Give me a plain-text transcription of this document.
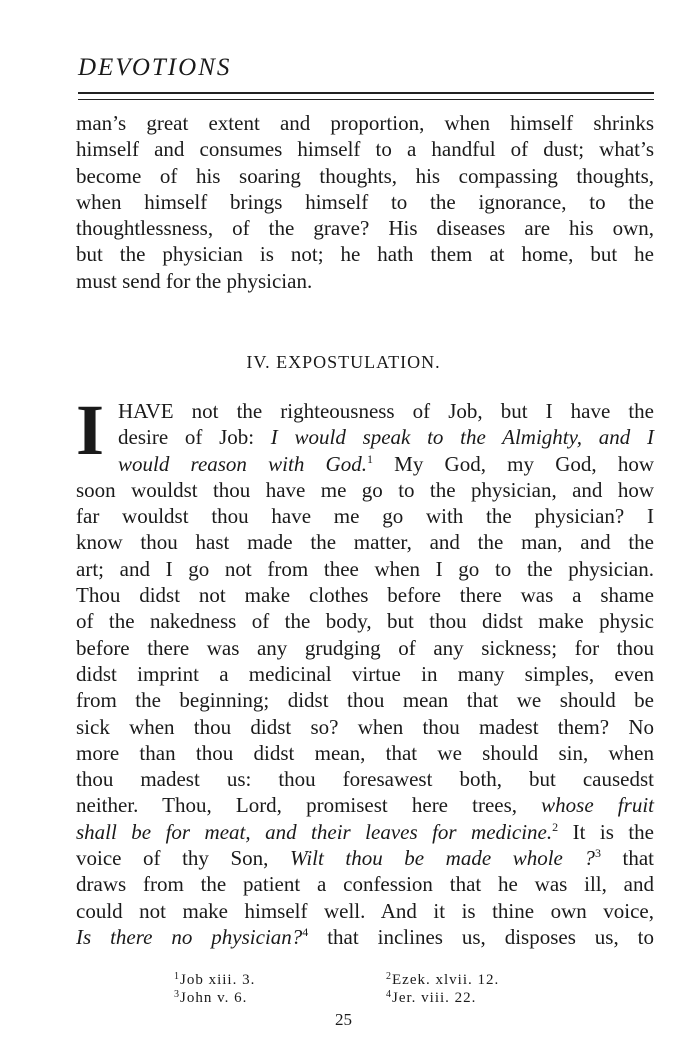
DEVOTIONS
man’s great extent and proportion, when himself shrinks
himself and consumes himself to a handful of dust; what’s
become of his soaring thoughts, his compassing thoughts,
when himself brings himself to the ignorance, to the
thoughtlessness, of the grave? His diseases are his own,
but the physician is not; he hath them at home, but he
must send for the physician.
IV. EXPOSTULATION.
I HAVE not the righteousness of Job, but I have the
desire of Job: I would speak to the Almighty, and I
would reason with God.$^1$ My God, my God, how
soon wouldst thou have me go to the physician, and how
far wouldst thou have me go with the physician? I
know thou hast made the matter, and the man, and the
art; and I go not from thee when I go to the physician.
Thou didst not make clothes before there was a shame
of the nakedness of the body, but thou didst make physic
before there was any grudging of any sickness; for thou
didst imprint a medicinal virtue in many simples, even
from the beginning; didst thou mean that we should be
sick when thou didst so? when thou madest them? No
more than thou didst mean, that we should sin, when
thou madest us: thou foresawest both, but causedst
neither. Thou, Lord, promisest here trees, whose fruit
shall be for meat, and their leaves for medicine.$^2$ It is the
voice of thy Son, Wilt thou be made whole ?$^3$ that
draws from the patient a confession that he was ill, and
could not make himself well. And it is thine own voice,
Is there no physician?$^4$ that inclines us, disposes us, to
$^1$Job xiii. 3.	$^2$Ezek. xlvii. 12.
$^3$John v. 6.	$^4$Jer. viii. 22.
25
